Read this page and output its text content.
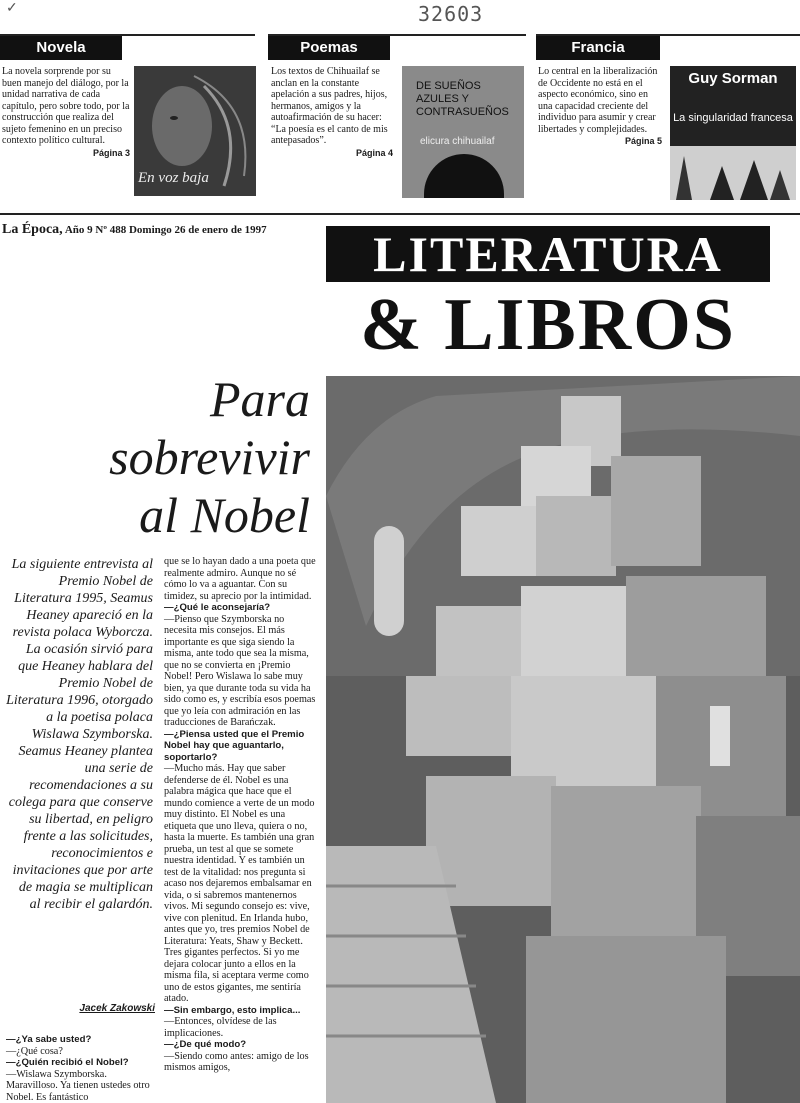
✓	32603
Novela	Poemas	Francia
La novela sorprende por su buen manejo del diálogo, por la unidad narrativa de cada capítulo, pero sobre todo, por la construcción que realiza del sujeto femenino en un preciso contexto político cultural.
Página 3
En voz baja
Los textos de Chihuailaf se anclan en la constante apelación a sus padres, hijos, hermanos, amigos y la autoafirmación de su hacer: “La poesía es el canto de mis antepasados”.
Página 4
DE SUEÑOS AZULES Y CONTRASUEÑOS
elicura chihuailaf
Lo central en la liberalización de Occidente no está en el aspecto económico, sino en una capacidad creciente del individuo para asumir y crear libertades y complejidades.
Página 5
Guy Sorman
La singularidad francesa
La Época, Año 9 Nº 488 Domingo 26 de enero de 1997	LITERATURA
& LIBROS
Para
sobrevivir
al Nobel
La siguiente entrevista al Premio Nobel de Literatura 1995, Seamus Heaney apareció en la revista polaca Wyborcza. La ocasión sirvió para que Heaney hablara del Premio Nobel de Literatura 1996, otorgado a la poetisa polaca Wislawa Szymborska. Seamus Heaney plantea una serie de recomendaciones a su colega para que conserve su libertad, en peligro frente a las solicitudes, reconocimientos e invitaciones que por arte de magia se multiplican al recibir el galardón.
Jacek Zakowski

—¿Ya sabe usted?

—¿Qué cosa?

—¿Quién recibió el Nobel?

—Wislawa Szymborska. Maravilloso. Ya tienen ustedes otro Nobel. Es fantástico

que se lo hayan dado a una poeta que realmente admiro. Aunque no sé cómo lo va a aguantar. Con su timidez, su aprecio por la intimidad.

—¿Qué le aconsejaría?

—Pienso que Szymborska no necesita mis consejos. El más importante es que siga siendo la misma, ante todo que sea la misma, que no se convierta en ¡Premio Nobel! Pero Wislawa lo sabe muy bien, ya que durante toda su vida ha sido como es, y escribía esos poemas que yo leía con admiración en las traducciones de Barańczak.

—¿Piensa usted que el Premio Nobel hay que aguantarlo, soportarlo?

—Mucho más. Hay que saber defenderse de él. Nobel es una palabra mágica que hace que el mundo comience a verte de un modo muy distinto. El Nobel es una etiqueta que uno lleva, quiera o no, hasta la muerte. Es también una gran prueba, un test al que se somete nuestra identidad. Y es también un test de la vitalidad: nos pregunta si acaso nos dejaremos embalsamar en vida, o si sabremos mantenernos vivos. Mi segundo consejo es: vive, vive con plenitud. En Irlanda hubo, antes que yo, tres premios Nobel de Literatura: Yeats, Shaw y Beckett. Tres gigantes perfectos. Si yo me dejara colocar junto a ellos en la misma fila, si aceptara verme como uno de estos gigantes, me sentiría atado.

—Sin embargo, esto implica...

—Entonces, olvídese de las implicaciones.

—¿De qué modo?

—Siendo como antes: amigo de los mismos amigos,
